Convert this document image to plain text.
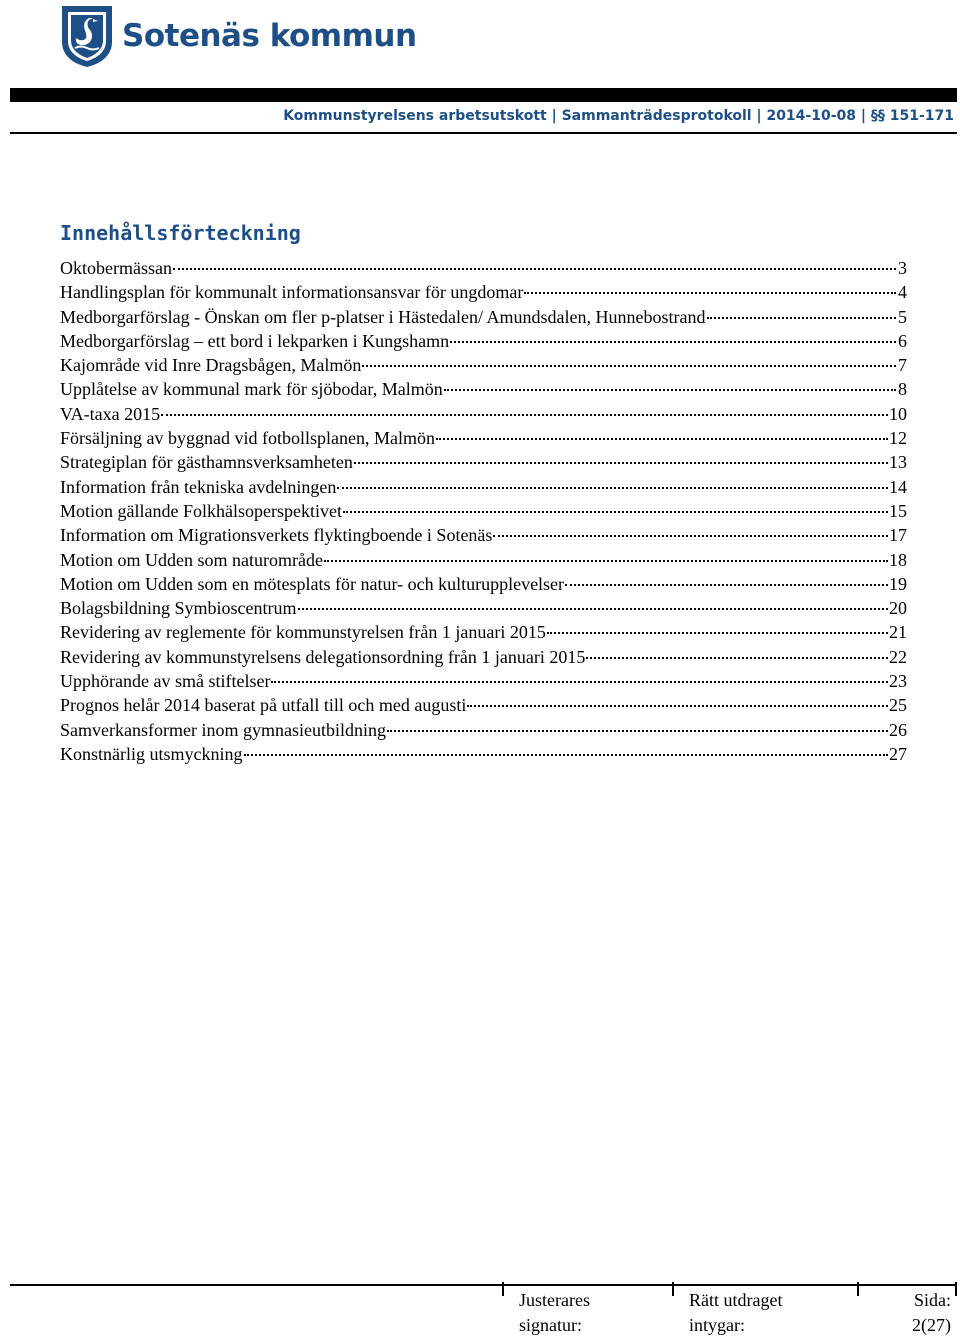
Sotenäs kommun
Kommunstyrelsens arbetsutskott | Sammanträdesprotokoll | 2014-10-08 | §§ 151-171
Innehållsförteckning
Oktobermässan	3
Handlingsplan för kommunalt informationsansvar för ungdomar	4
Medborgarförslag - Önskan om fler p-platser i Hästedalen/ Amundsdalen, Hunnebostrand	5
Medborgarförslag – ett bord i lekparken i Kungshamn	6
Kajområde vid Inre Dragsbågen, Malmön	7
Upplåtelse av kommunal mark för sjöbodar, Malmön	8
VA-taxa 2015	10
Försäljning av byggnad vid fotbollsplanen, Malmön	12
Strategiplan för gästhamnsverksamheten	13
Information från tekniska avdelningen	14
Motion gällande Folkhälsoperspektivet	15
Information om Migrationsverkets flyktingboende i Sotenäs	17
Motion om Udden som naturområde	18
Motion om Udden som en mötesplats för natur- och kulturupplevelser	19
Bolagsbildning Symbioscentrum	20
Revidering av reglemente för kommunstyrelsen från 1 januari 2015	21
Revidering av kommunstyrelsens delegationsordning från 1 januari 2015	22
Upphörande av små stiftelser	23
Prognos helår 2014 baserat på utfall till och med augusti	25
Samverkansformer inom gymnasieutbildning	26
Konstnärlig utsmyckning	27
Justerares
signatur:
Rätt utdraget
intygar:
Sida:
2(27)
